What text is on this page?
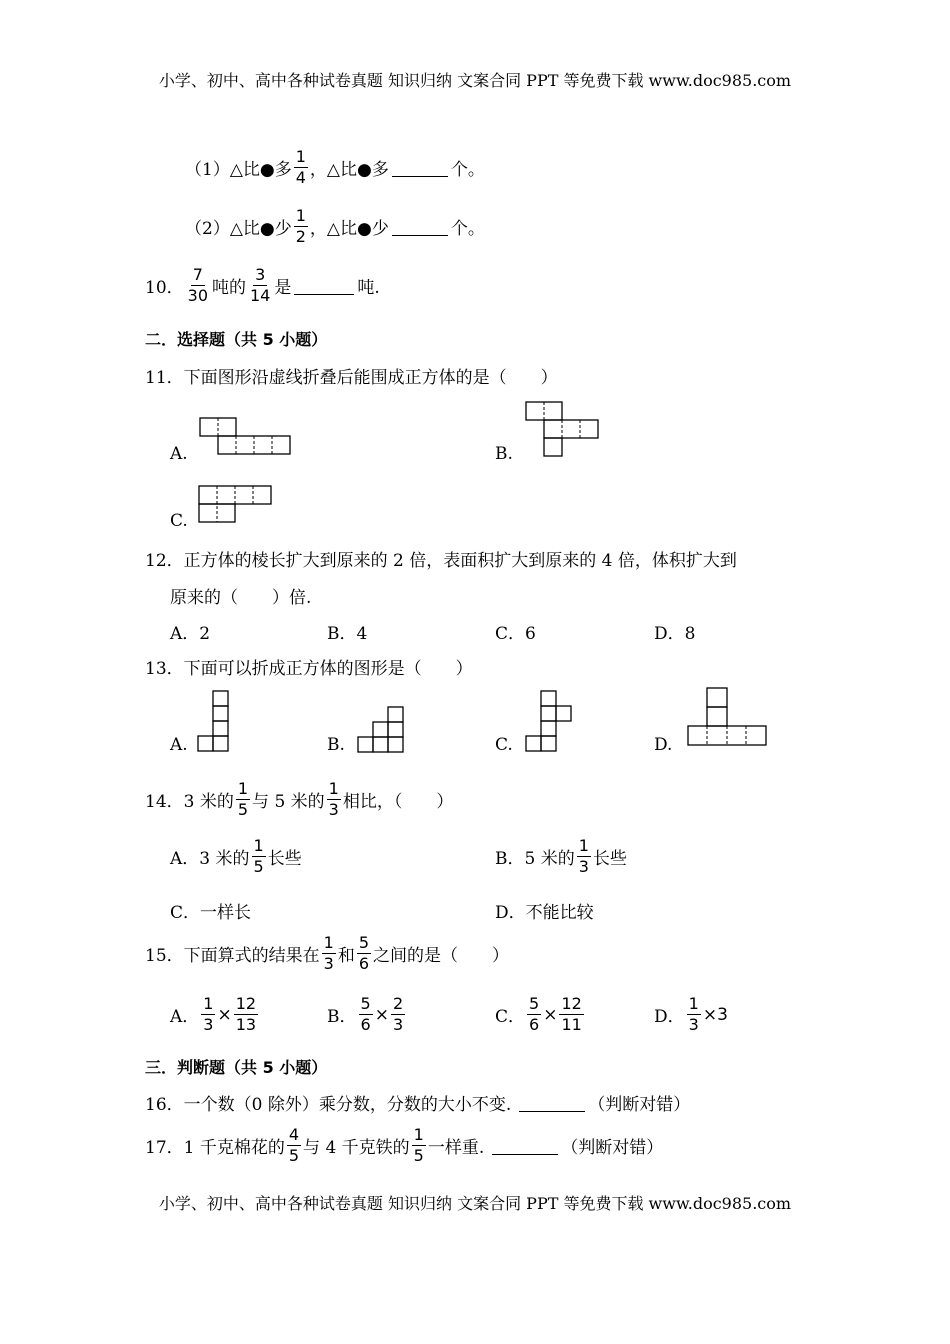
小学、初中、高中各种试卷真题 知识归纳 文案合同 PPT 等免费下载 www.doc985.com
（1）△比●多 $\frac{1}{4}$ ，△比●多	个。
（2）△比●少 $\frac{1}{2}$ ，△比●少	个。
10． $\frac{7}{30}$ 吨的 $\frac{3}{14}$ 是	吨.
二．选择题（共 5 小题）
11．下面图形沿虚线折叠后能围成正方体的是（　　）
A.	B.
C.
12．正方体的棱长扩大到原来的 2 倍，表面积扩大到原来的 4 倍，体积扩大到
原来的（　　）倍.
A．2	B．4	C．6	D．8
13．下面可以折成正方体的图形是（　　）
A.	B.	C.	D.
14．3 米的 $\frac{1}{5}$ 与 5 米的 $\frac{1}{3}$ 相比，（　　）
A．3 米的 $\frac{1}{5}$ 长些	B．5 米的 $\frac{1}{3}$ 长些
C．一样长	D．不能比较
15．下面算式的结果在 $\frac{1}{3}$ 和 $\frac{5}{6}$ 之间的是（　　）
A． $\frac{1}{3} \times \frac{12}{13}$	B． $\frac{5}{6} \times \frac{2}{3}$	C． $\frac{5}{6} \times \frac{12}{11}$	D． $\frac{1}{3} \times 3$
三．判断题（共 5 小题）
16．一个数（0 除外）乘分数，分数的大小不变.	（判断对错）
17．1 千克棉花的 $\frac{4}{5}$ 与 4 千克铁的 $\frac{1}{5}$ 一样重.	（判断对错）
小学、初中、高中各种试卷真题 知识归纳 文案合同 PPT 等免费下载 www.doc985.com
